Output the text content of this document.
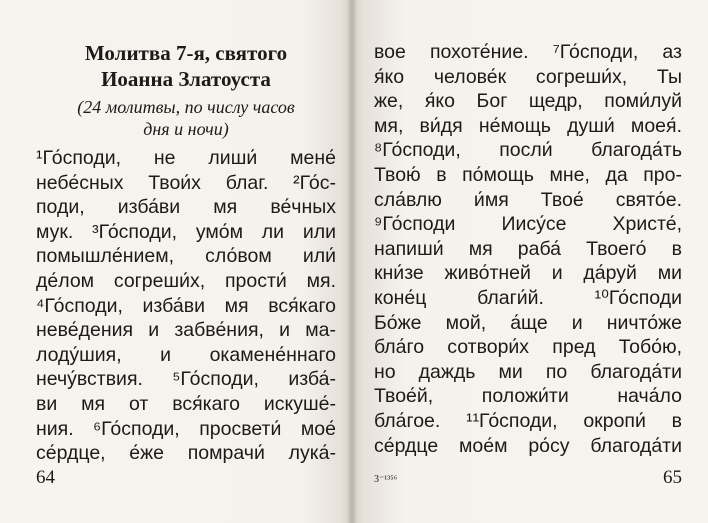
Молитва 7-я, святого
Иоанна Златоуста
(24 молитвы, по числу часов
дня и ночи)
¹Го́споди, не лиши́ мене́
небе́сных Твои́х благ. ²Го́с-
поди, изба́ви мя ве́чных
мук. ³Го́споди, умо́м ли или
помышле́нием, сло́вом или́
де́лом согреши́х, прости́ мя.
⁴Го́споди, изба́ви мя вся́каго
неве́дения и забве́ния, и ма-
лоду́шия, и окамене́ннаго
нечу́вствия. ⁵Го́споди, изба́-
ви мя от вся́каго искуше́-
ния. ⁶Го́споди, просвети́ мое́
се́рдце, е́же помрачи́ лука́-
64
вое похоте́ние. ⁷Го́споди, аз
я́ко челове́к согреши́х, Ты
же, я́ко Бог щедр, поми́луй
мя, ви́дя не́мощь души́ моея́.
⁸Го́споди, посли́ благода́ть
Твою́ в по́мощь мне, да про-
сла́влю и́мя Твое́ свято́е.
⁹Го́споди Иису́се Христе́,
напиши́ мя раба́ Твоего́ в
кни́зе живо́тней и да́руй ми
коне́ц благи́й. ¹⁰Го́споди
Бо́же мой, а́ще и ничто́же
бла́го сотвори́х пред Тобо́ю,
но даждь ми по благода́ти
Твое́й, положи́ти нача́ло
бла́гое. ¹¹Го́споди, окропи́ в
се́рдце мое́м ро́су благода́ти
3⁻¹³⁵⁶	65
